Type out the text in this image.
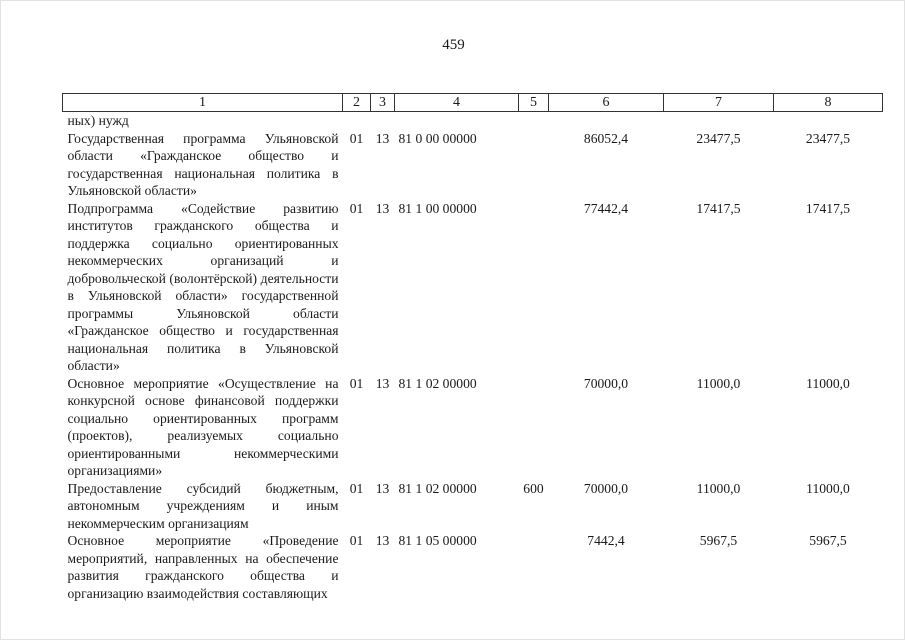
459
1	2	3	4	5	6	7	8
ных) нужд							
Государственная программа Ульяновской области «Гражданское общество и государственная национальная политика в Ульяновской области»	01	13	81 0 00 00000		86052,4	23477,5	23477,5
Подпрограмма «Содействие развитию институтов гражданского общества и поддержка социально ориентированных некоммерческих организаций и добровольческой (волонтёрской) деятельности в Ульяновской области» государственной программы Ульяновской области «Гражданское общество и государственная национальная политика в Ульяновской области»	01	13	81 1 00 00000		77442,4	17417,5	17417,5
Основное мероприятие «Осуществление на конкурсной основе финансовой поддержки социально ориентированных программ (проектов), реализуемых социально ориентированными некоммерческими организациями»	01	13	81 1 02 00000		70000,0	11000,0	11000,0
Предоставление субсидий бюджетным, автономным учреждениям и иным некоммерческим организациям	01	13	81 1 02 00000	600	70000,0	11000,0	11000,0
Основное мероприятие «Проведение мероприятий, направленных на обеспечение развития гражданского общества и организацию взаимодействия составляющих	01	13	81 1 05 00000		7442,4	5967,5	5967,5
